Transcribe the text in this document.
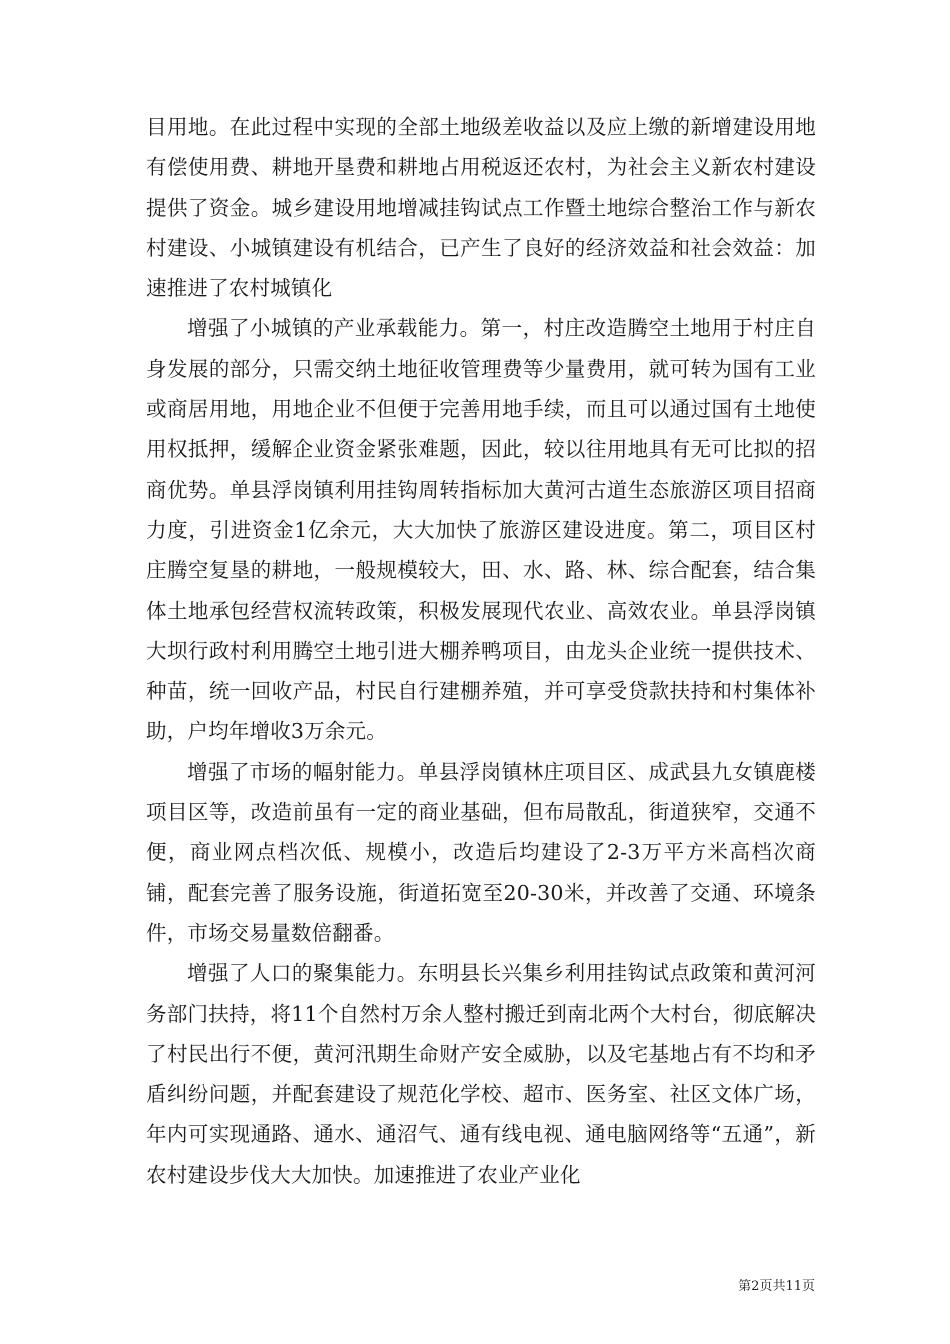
目用地。在此过程中实现的全部土地级差收益以及应上缴的新增建设用地有偿使用费、耕地开垦费和耕地占用税返还农村，为社会主义新农村建设提供了资金。城乡建设用地增减挂钩试点工作暨土地综合整治工作与新农村建设、小城镇建设有机结合，已产生了良好的经济效益和社会效益：加速推进了农村城镇化

增强了小城镇的产业承载能力。第一，村庄改造腾空土地用于村庄自身发展的部分，只需交纳土地征收管理费等少量费用，就可转为国有工业或商居用地，用地企业不但便于完善用地手续，而且可以通过国有土地使用权抵押，缓解企业资金紧张难题，因此，较以往用地具有无可比拟的招商优势。单县浮岗镇利用挂钩周转指标加大黄河古道生态旅游区项目招商力度，引进资金1亿余元，大大加快了旅游区建设进度。第二，项目区村庄腾空复垦的耕地，一般规模较大，田、水、路、林、综合配套，结合集体土地承包经营权流转政策，积极发展现代农业、高效农业。单县浮岗镇大坝行政村利用腾空土地引进大棚养鸭项目，由龙头企业统一提供技术、种苗，统一回收产品，村民自行建棚养殖，并可享受贷款扶持和村集体补助，户均年增收3万余元。

增强了市场的幅射能力。单县浮岗镇林庄项目区、成武县九女镇鹿楼项目区等，改造前虽有一定的商业基础，但布局散乱，街道狭窄，交通不便，商业网点档次低、规模小，改造后均建设了2-3万平方米高档次商铺，配套完善了服务设施，街道拓宽至20-30米，并改善了交通、环境条件，市场交易量数倍翻番。

增强了人口的聚集能力。东明县长兴集乡利用挂钩试点政策和黄河河务部门扶持，将11个自然村万余人整村搬迁到南北两个大村台，彻底解决了村民出行不便，黄河汛期生命财产安全威胁，以及宅基地占有不均和矛盾纠纷问题，并配套建设了规范化学校、超市、医务室、社区文体广场，年内可实现通路、通水、通沼气、通有线电视、通电脑网络等“五通”，新农村建设步伐大大加快。加速推进了农业产业化

第2页共11页
